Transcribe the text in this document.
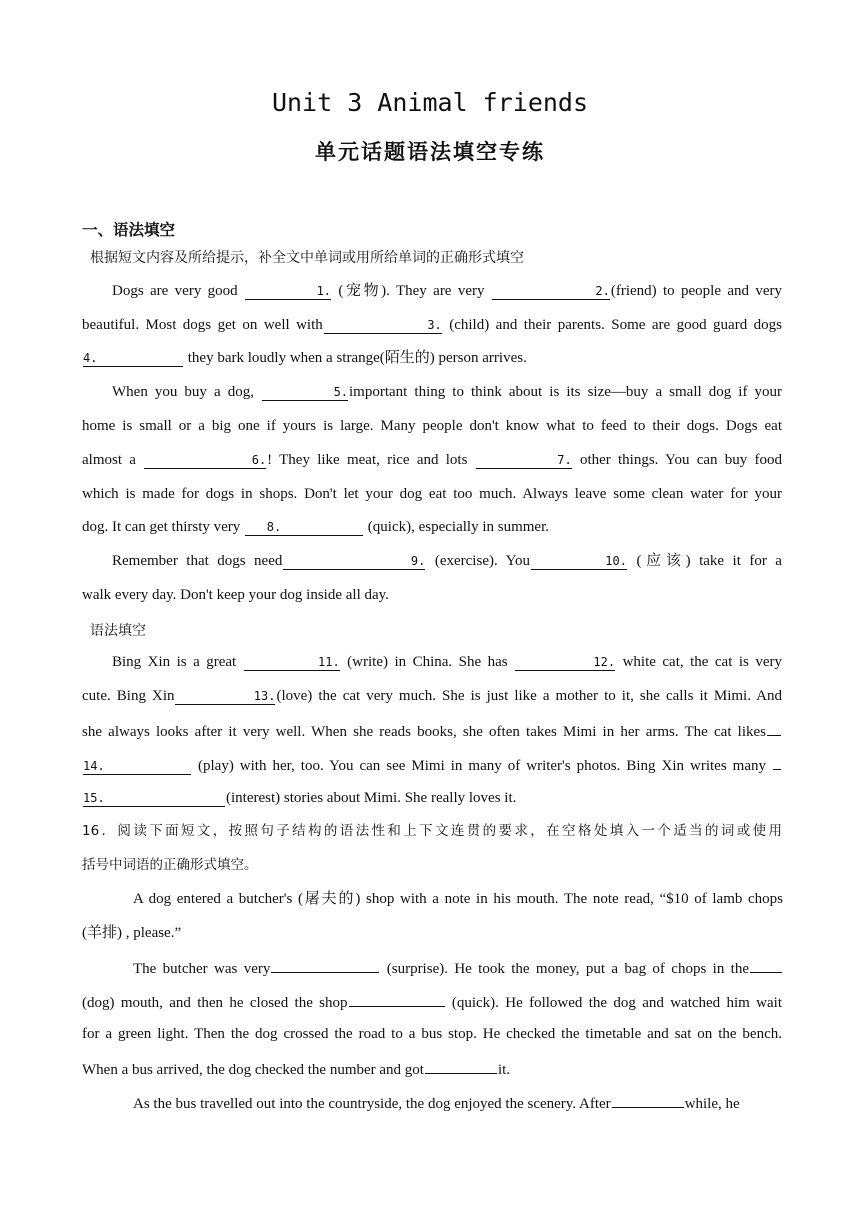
Unit 3 Animal friends
单元话题语法填空专练
一、语法填空
根据短文内容及所给提示，补全文中单词或用所给单词的正确形式填空
Dogs are very good	1. (宠物). They are very	2.(friend) to people and very
beautiful. Most dogs get on well with	3. (child) and their parents. Some are good guard dogs
4.	they bark loudly when a strange(陌生的) person arrives.
When you buy a dog,	5.important thing to think about is its size—buy a small dog if your
home is small or a big one if yours is large. Many people don't know what to feed to their dogs. Dogs eat
almost a	6.! They like meat, rice and lots	7. other things. You can buy food
which is made for dogs in shops. Don't let your dog eat too much. Always leave some clean water for your
dog. It can get thirsty very    8.	(quick), especially in summer.
Remember that dogs need	9. (exercise). You	10. (应该) take it for a
walk every day. Don't keep your dog inside all day.
语法填空
Bing Xin is a great	11. (write) in China. She has	12. white cat, the cat is very
cute. Bing Xin	13.(love) the cat very much. She is just like a mother to it, she calls it Mimi. And
she always looks after it very well. When she reads books, she often takes Mimi in her arms. The cat likes
14.	(play) with her, too. You can see Mimi in many of writer's photos. Bing Xin writes many
15.	(interest) stories about Mimi. She really loves it.
16．阅读下面短文，按照句子结构的语法性和上下文连贯的要求，在空格处填入一个适当的词或使用
括号中词语的正确形式填空。
A dog entered a butcher's (屠夫的) shop with a note in his mouth. The note read, “$10 of lamb chops
(羊排) , please.”
The butcher was very	(surprise). He took the money, put a bag of chops in the
(dog) mouth, and then he closed the shop	(quick). He followed the dog and watched him wait
for a green light. Then the dog crossed the road to a bus stop. He checked the timetable and sat on the bench.
When a bus arrived, the dog checked the number and got	it.
As the bus travelled out into the countryside, the dog enjoyed the scenery. After	while, he
